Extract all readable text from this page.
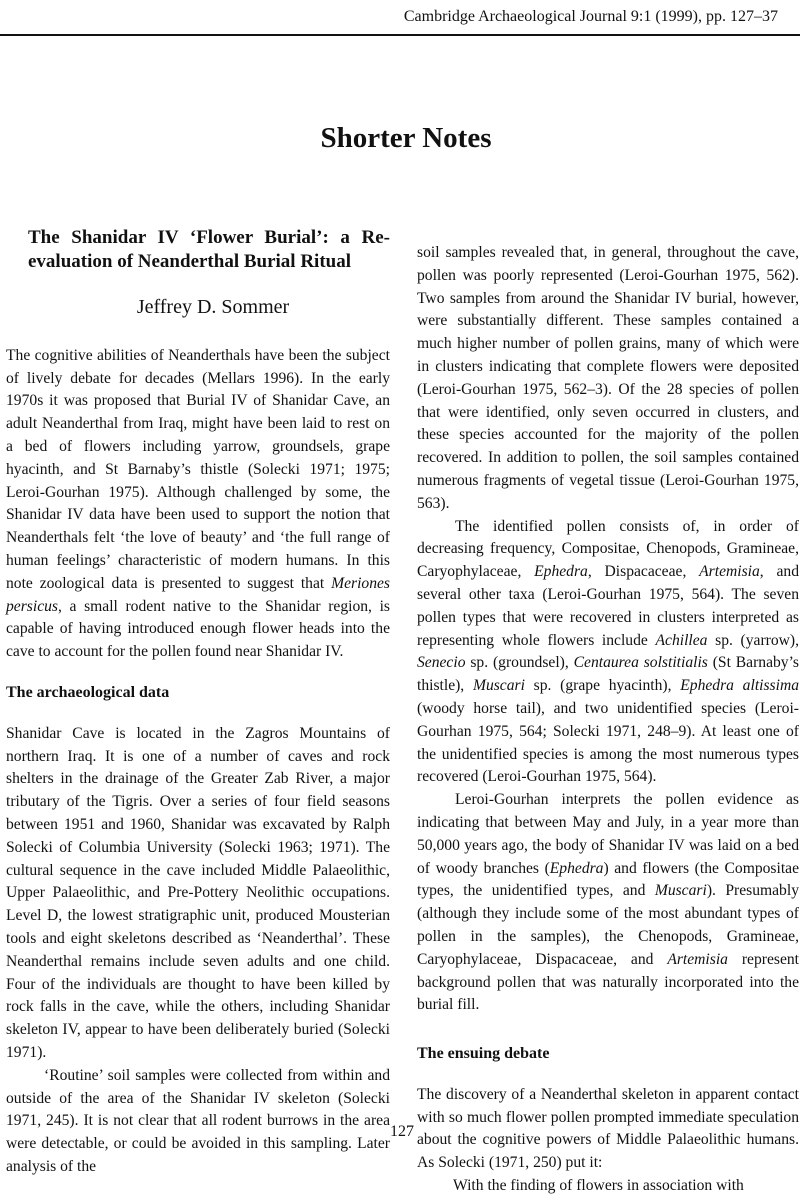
Cambridge Archaeological Journal 9:1 (1999), pp. 127–37
Shorter Notes
The Shanidar IV ‘Flower Burial’: a Re-evaluation of Neanderthal Burial Ritual
Jeffrey D. Sommer

The cognitive abilities of Neanderthals have been the subject of lively debate for decades (Mellars 1996). In the early 1970s it was proposed that Burial IV of Shanidar Cave, an adult Neanderthal from Iraq, might have been laid to rest on a bed of flowers including yarrow, groundsels, grape hyacinth, and St Barnaby’s thistle (Solecki 1971; 1975; Leroi-Gourhan 1975). Although challenged by some, the Shanidar IV data have been used to support the notion that Neanderthals felt ‘the love of beauty’ and ‘the full range of human feelings’ characteristic of modern humans. In this note zoological data is presented to suggest that Meriones persicus, a small rodent native to the Shanidar region, is capable of having introduced enough flower heads into the cave to account for the pollen found near Shanidar IV.

The archaeological data

Shanidar Cave is located in the Zagros Mountains of northern Iraq. It is one of a number of caves and rock shelters in the drainage of the Greater Zab River, a major tributary of the Tigris. Over a series of four field seasons between 1951 and 1960, Shanidar was excavated by Ralph Solecki of Columbia University (Solecki 1963; 1971). The cultural sequence in the cave included Middle Palaeolithic, Upper Palaeolithic, and Pre-Pottery Neolithic occupations. Level D, the lowest stratigraphic unit, produced Mousterian tools and eight skeletons described as ‘Neanderthal’. These Neanderthal remains include seven adults and one child. Four of the individuals are thought to have been killed by rock falls in the cave, while the others, including Shanidar skeleton IV, appear to have been deliberately buried (Solecki 1971).

‘Routine’ soil samples were collected from within and outside of the area of the Shanidar IV skeleton (Solecki 1971, 245). It is not clear that all rodent burrows in the area were detectable, or could be avoided in this sampling. Later analysis of the

soil samples revealed that, in general, throughout the cave, pollen was poorly represented (Leroi-Gourhan 1975, 562). Two samples from around the Shanidar IV burial, however, were substantially different. These samples contained a much higher number of pollen grains, many of which were in clusters indicating that complete flowers were deposited (Leroi-Gourhan 1975, 562–3). Of the 28 species of pollen that were identified, only seven occurred in clusters, and these species accounted for the majority of the pollen recovered. In addition to pollen, the soil samples contained numerous fragments of vegetal tissue (Leroi-Gourhan 1975, 563).

The identified pollen consists of, in order of decreasing frequency, Compositae, Chenopods, Gramineae, Caryophylaceae, Ephedra, Dispacaceae, Artemisia, and several other taxa (Leroi-Gourhan 1975, 564). The seven pollen types that were recovered in clusters interpreted as representing whole flowers include Achillea sp. (yarrow), Senecio sp. (groundsel), Centaurea solstitialis (St Barnaby’s thistle), Muscari sp. (grape hyacinth), Ephedra altissima (woody horse tail), and two unidentified species (Leroi-Gourhan 1975, 564; Solecki 1971, 248–9). At least one of the unidentified species is among the most numerous types recovered (Leroi-Gourhan 1975, 564).

Leroi-Gourhan interprets the pollen evidence as indicating that between May and July, in a year more than 50,000 years ago, the body of Shanidar IV was laid on a bed of woody branches (Ephedra) and flowers (the Compositae types, the unidentified types, and Muscari). Presumably (although they include some of the most abundant types of pollen in the samples), the Chenopods, Gramineae, Caryophylaceae, Dispacaceae, and Artemisia represent background pollen that was naturally incorporated into the burial fill.

The ensuing debate

The discovery of a Neanderthal skeleton in apparent contact with so much flower pollen prompted immediate speculation about the cognitive powers of Middle Palaeolithic humans. As Solecki (1971, 250) put it:

With the finding of flowers in association with

127
